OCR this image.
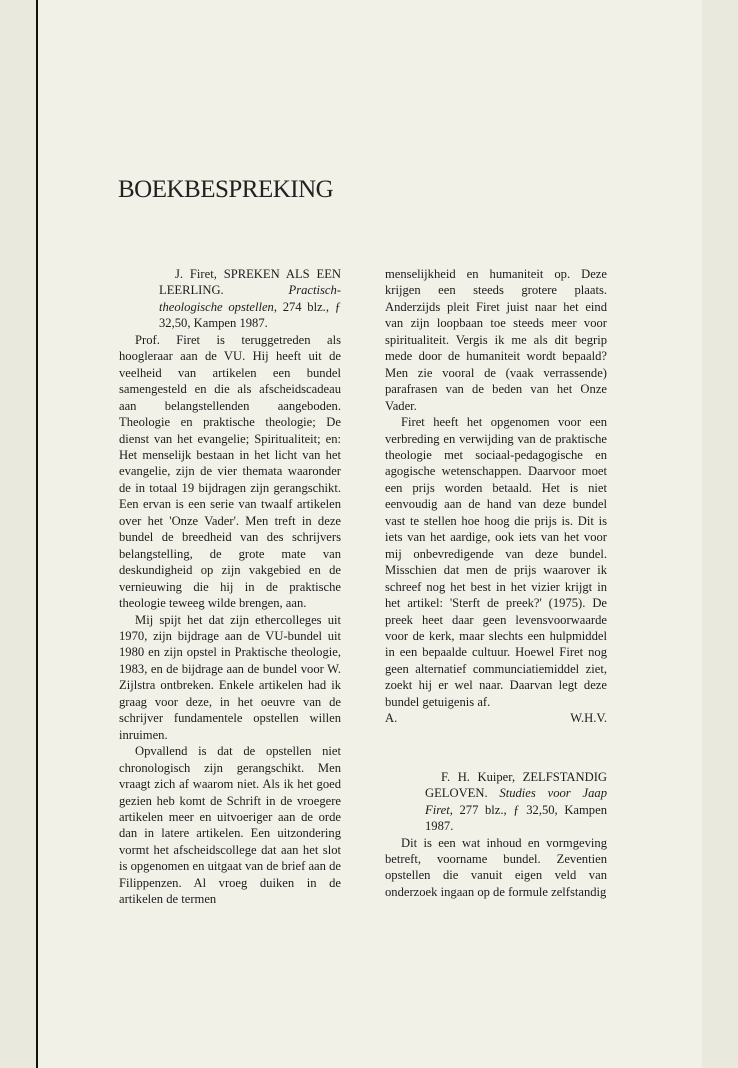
BOEKBESPREKING

J. Firet, SPREKEN ALS EEN LEERLING. Practisch-theologische opstellen, 274 blz., ƒ 32,50, Kampen 1987.

Prof. Firet is teruggetreden als hoogleraar aan de VU. Hij heeft uit de veelheid van artikelen een bundel samengesteld en die als afscheidscadeau aan belangstellenden aangeboden. Theologie en praktische theologie; De dienst van het evangelie; Spiritualiteit; en: Het menselijk bestaan in het licht van het evangelie, zijn de vier themata waaronder de in totaal 19 bijdragen zijn gerangschikt. Een ervan is een serie van twaalf artikelen over het 'Onze Vader'. Men treft in deze bundel de breedheid van des schrijvers belangstelling, de grote mate van deskundigheid op zijn vakgebied en de vernieuwing die hij in de praktische theologie teweeg wilde brengen, aan.

Mij spijt het dat zijn ethercolleges uit 1970, zijn bijdrage aan de VU-bundel uit 1980 en zijn opstel in Praktische theologie, 1983, en de bijdrage aan de bundel voor W. Zijlstra ontbreken. Enkele artikelen had ik graag voor deze, in het oeuvre van de schrijver fundamentele opstellen willen inruimen.

Opvallend is dat de opstellen niet chronologisch zijn gerangschikt. Men vraagt zich af waarom niet. Als ik het goed gezien heb komt de Schrift in de vroegere artikelen meer en uitvoeriger aan de orde dan in latere artikelen. Een uitzondering vormt het afscheidscollege dat aan het slot is opgenomen en uitgaat van de brief aan de Filippenzen. Al vroeg duiken in de artikelen de termen

menselijkheid en humaniteit op. Deze krijgen een steeds grotere plaats. Anderzijds pleit Firet juist naar het eind van zijn loopbaan toe steeds meer voor spiritualiteit. Vergis ik me als dit begrip mede door de humaniteit wordt bepaald? Men zie vooral de (vaak verrassende) parafrasen van de beden van het Onze Vader.

Firet heeft het opgenomen voor een verbreding en verwijding van de praktische theologie met sociaal-pedagogische en agogische wetenschappen. Daarvoor moet een prijs worden betaald. Het is niet eenvoudig aan de hand van deze bundel vast te stellen hoe hoog die prijs is. Dit is iets van het aardige, ook iets van het voor mij onbevredigende van deze bundel. Misschien dat men de prijs waarover ik schreef nog het best in het vizier krijgt in het artikel: 'Sterft de preek?' (1975). De preek heet daar geen levensvoorwaarde voor de kerk, maar slechts een hulpmiddel in een bepaalde cultuur. Hoewel Firet nog geen alternatief communciatiemiddel ziet, zoekt hij er wel naar. Daarvan legt deze bundel getuigenis af.

A.	W.H.V.

F. H. Kuiper, ZELFSTANDIG GELOVEN. Studies voor Jaap Firet, 277 blz., ƒ 32,50, Kampen 1987.

Dit is een wat inhoud en vormgeving betreft, voorname bundel. Zeventien opstellen die vanuit eigen veld van onderzoek ingaan op de formule zelfstandig
